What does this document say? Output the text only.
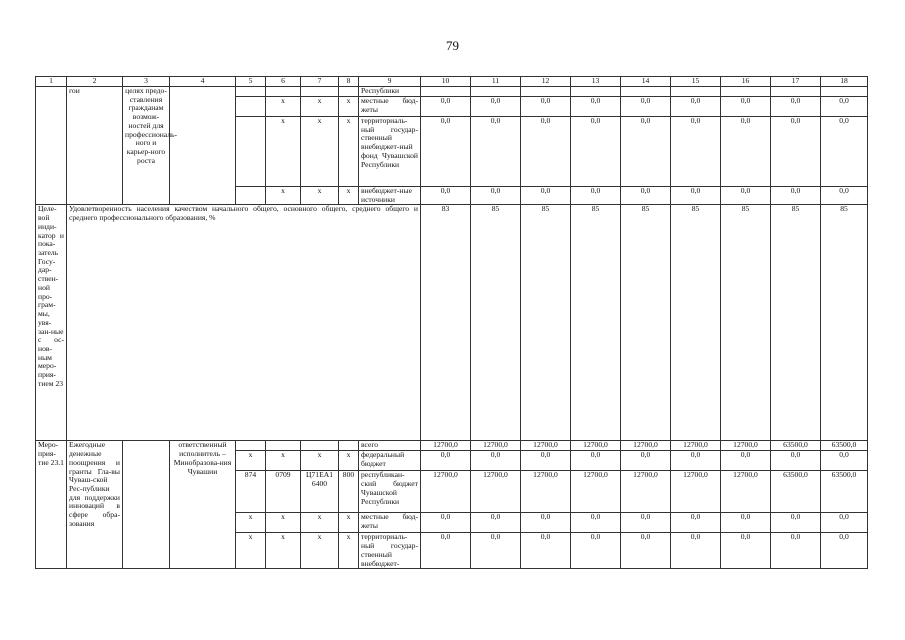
79
1	2	3	4	5	6	7	8	9	10	11	12	13	14	15	16	17	18
	гои	целях предо-ставления гражданам возмож-ностей для профессиональ-ного и карьер-ного роста						Республики									
					x	x	x	местные бюд-жеты	0,0	0,0	0,0	0,0	0,0	0,0	0,0	0,0	0,0
					x	x	x	территориаль-ный государ-ственный внебюджет-ный фонд Чувашской Республики	0,0	0,0	0,0	0,0	0,0	0,0	0,0	0,0	0,0
					x	x	x	внебюджет-ные источники	0,0	0,0	0,0	0,0	0,0	0,0	0,0	0,0	0,0
Целе-вой инди-катор и пока-затель Госу-дар-ствен-ной про-грам-мы, увя-зан-ные с ос-нов-ным меро-прия-тием 23	Удовлетворенность населения качеством начального общего, основного общего, среднего общего и среднего профессионального образования, %								83	85	85	85	85	85	85	85	85
Меро-прия-тие 23.1	Ежегодные денежные поощрения и гранты Гла-вы Чуваш-ской Рес-публики для поддержки инноваций в сфере обра-зования		ответственный исполнитель – Минобразова-ния Чувашии					всего	12700,0	12700,0	12700,0	12700,0	12700,0	12700,0	12700,0	63500,0	63500,0
				x	x	x	x	федеральный бюджет	0,0	0,0	0,0	0,0	0,0	0,0	0,0	0,0	0,0
				874	0709	Ц71ЕА1 6400	800	республикан-ский бюджет Чувашской Республики	12700,0	12700,0	12700,0	12700,0	12700,0	12700,0	12700,0	63500,0	63500,0
				x	x	x	x	местные бюд-жеты	0,0	0,0	0,0	0,0	0,0	0,0	0,0	0,0	0,0
				x	x	x	x	территориаль-ный государ-ственный внебюджет-	0,0	0,0	0,0	0,0	0,0	0,0	0,0	0,0	0,0
